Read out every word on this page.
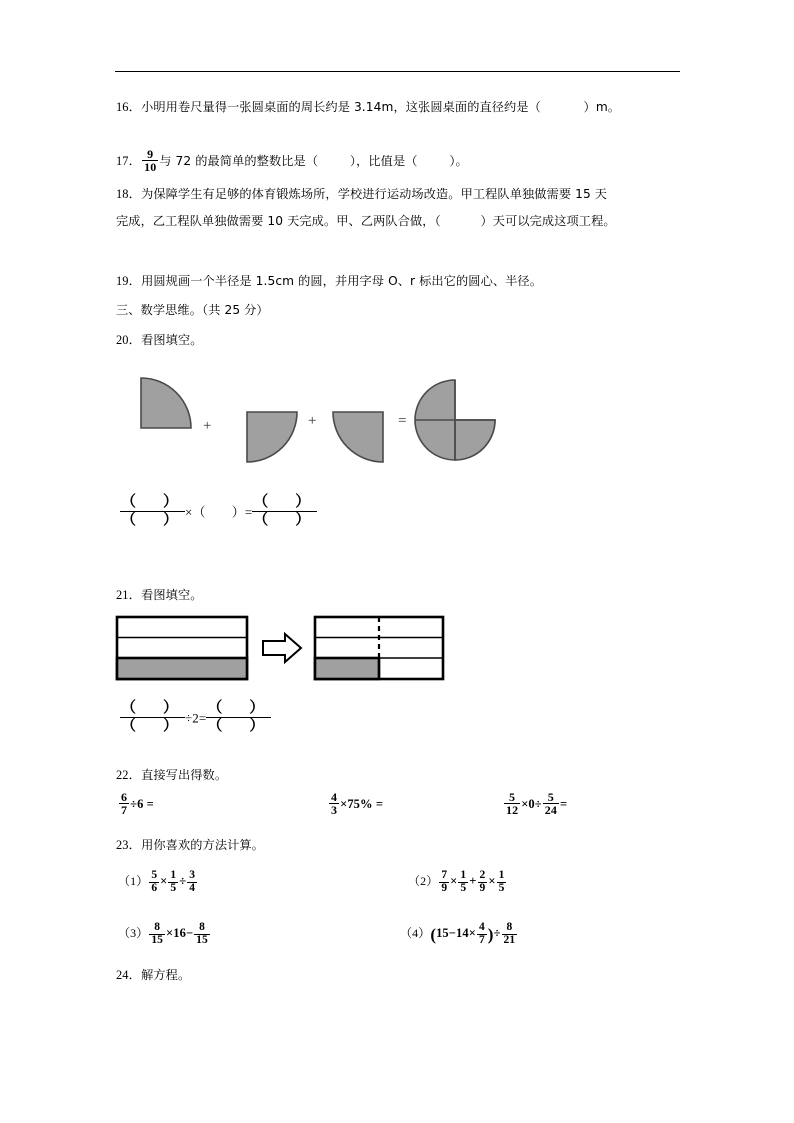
16．小明用卷尺量得一张圆桌面的周长约是 3.14m，这张圆桌面的直径约是（	）m。
17． $\frac{9}{10}$ 与 72 的最简单的整数比是（	），比值是（	）。
18．为保障学生有足够的体育锻炼场所，学校进行运动场改造。甲工程队单独做需要 15 天
完成，乙工程队单独做需要 10 天完成。甲、乙两队合做，（	）天可以完成这项工程。
19．用圆规画一个半径是 1.5cm 的圆，并用字母 O、r 标出它的圆心、半径。
三、数学思维。（共 25 分）
20．看图填空。
+	+	=
（　）
（　） ×（　　）=
（　）
（　）
21．看图填空。
（　）
（　） ÷2=
（　）
（　）
22．直接写出得数。
$\frac{6}{7} \div 6$ =	$\frac{4}{3} \times 75\%$ =	$\frac{5}{12} \times 0\div \frac{5}{24}$ =
23．用你喜欢的方法计算。
$(1) \frac{5}{6} \times \frac{1}{5} \div \frac{3}{4}$	$(2) \frac{7}{9} \times \frac{1}{5} + \frac{2}{9} \times \frac{1}{5}$
$(3) \frac{8}{15} \times 16- \frac{8}{15}$	$(4)(15-14\times \frac{4}{7}$ )÷ $\frac{8}{21}$
24．解方程。
